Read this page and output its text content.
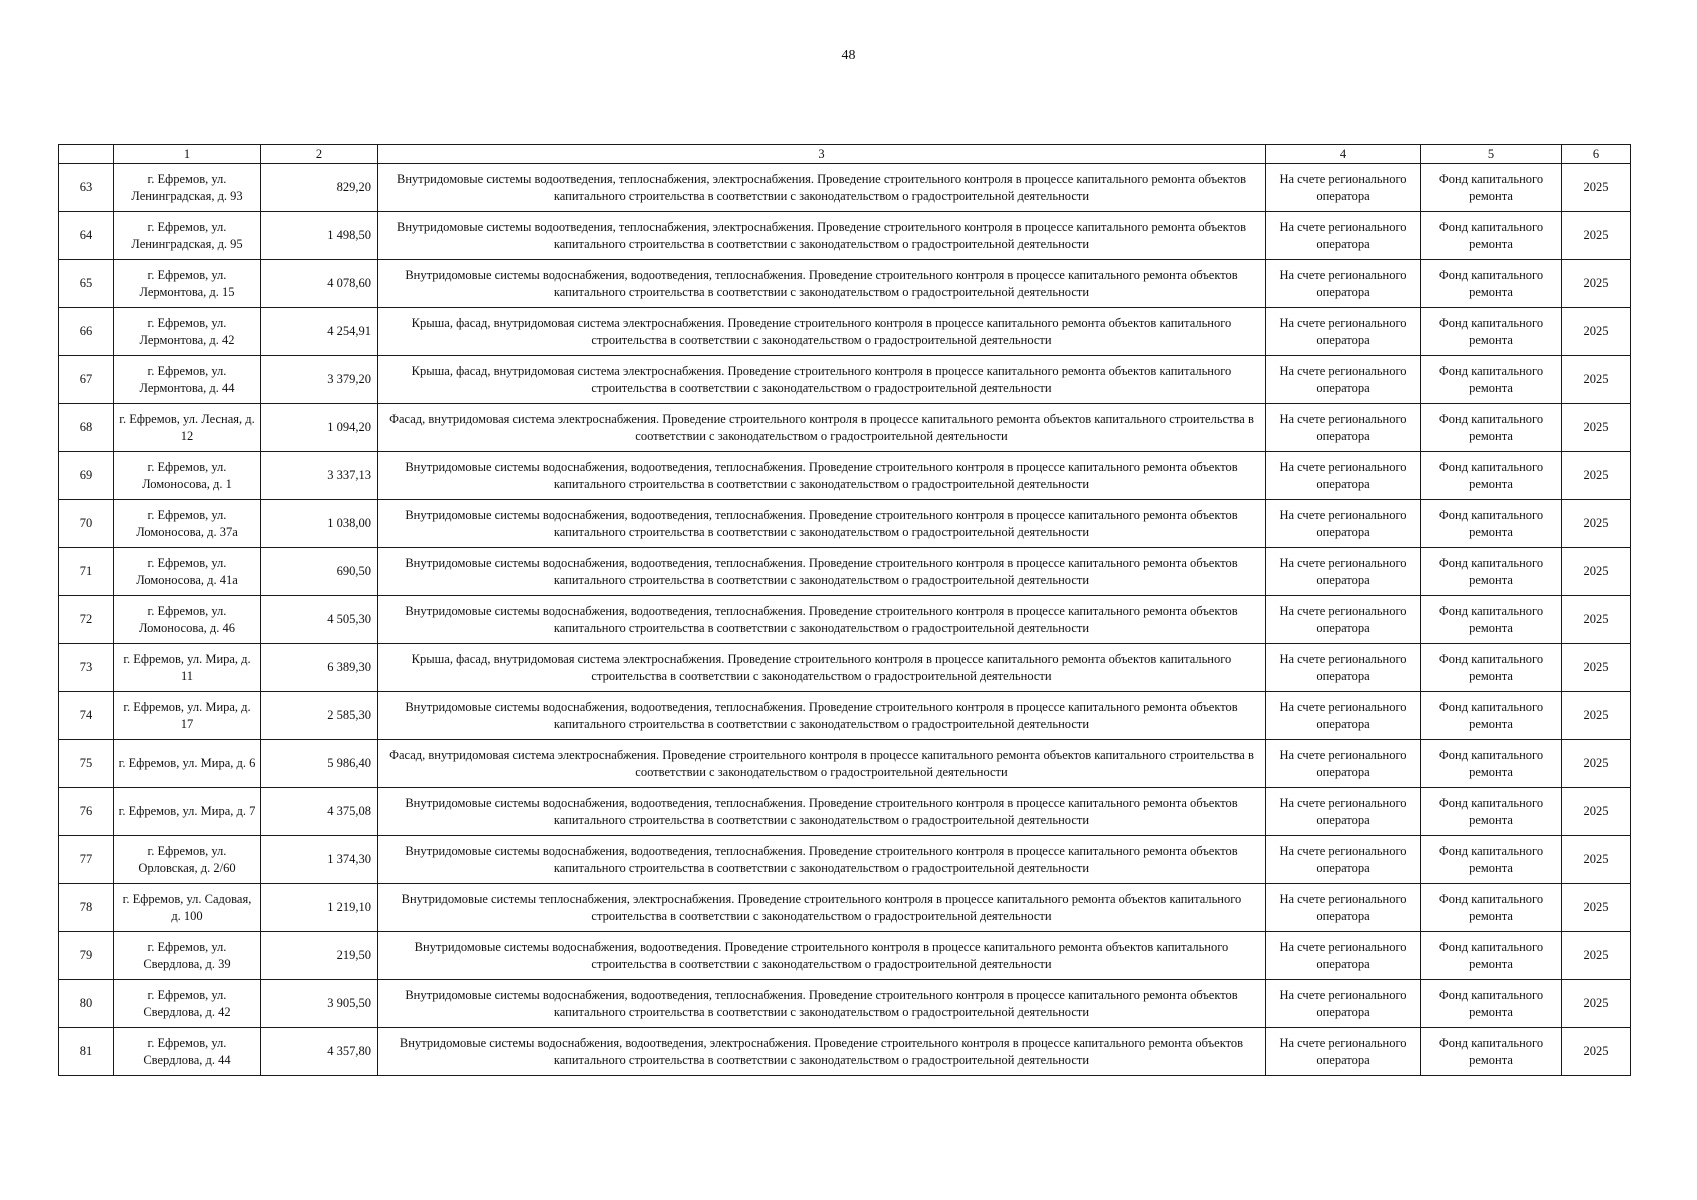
48
	1	2	3	4	5	6
63	г. Ефремов, ул. Ленинградская, д. 93	829,20	Внутридомовые системы водоотведения, теплоснабжения, электроснабжения. Проведение строительного контроля в процессе капитального ремонта объектов капитального строительства в соответствии с законодательством о градостроительной деятельности	На счете регионального оператора	Фонд капитального ремонта	2025
64	г. Ефремов, ул. Ленинградская, д. 95	1 498,50	Внутридомовые системы водоотведения, теплоснабжения, электроснабжения. Проведение строительного контроля в процессе капитального ремонта объектов капитального строительства в соответствии с законодательством о градостроительной деятельности	На счете регионального оператора	Фонд капитального ремонта	2025
65	г. Ефремов, ул. Лермонтова, д. 15	4 078,60	Внутридомовые системы водоснабжения, водоотведения, теплоснабжения. Проведение строительного контроля в процессе капитального ремонта объектов капитального строительства в соответствии с законодательством о градостроительной деятельности	На счете регионального оператора	Фонд капитального ремонта	2025
66	г. Ефремов, ул. Лермонтова, д. 42	4 254,91	Крыша, фасад, внутридомовая система электроснабжения. Проведение строительного контроля в процессе капитального ремонта объектов капитального строительства в соответствии с законодательством о градостроительной деятельности	На счете регионального оператора	Фонд капитального ремонта	2025
67	г. Ефремов, ул. Лермонтова, д. 44	3 379,20	Крыша, фасад, внутридомовая система электроснабжения. Проведение строительного контроля в процессе капитального ремонта объектов капитального строительства в соответствии с законодательством о градостроительной деятельности	На счете регионального оператора	Фонд капитального ремонта	2025
68	г. Ефремов, ул. Лесная, д. 12	1 094,20	Фасад, внутридомовая система электроснабжения. Проведение строительного контроля в процессе капитального ремонта объектов капитального строительства в соответствии с законодательством о градостроительной деятельности	На счете регионального оператора	Фонд капитального ремонта	2025
69	г. Ефремов, ул. Ломоносова, д. 1	3 337,13	Внутридомовые системы водоснабжения, водоотведения, теплоснабжения. Проведение строительного контроля в процессе капитального ремонта объектов капитального строительства в соответствии с законодательством о градостроительной деятельности	На счете регионального оператора	Фонд капитального ремонта	2025
70	г. Ефремов, ул. Ломоносова, д. 37а	1 038,00	Внутридомовые системы водоснабжения, водоотведения, теплоснабжения. Проведение строительного контроля в процессе капитального ремонта объектов капитального строительства в соответствии с законодательством о градостроительной деятельности	На счете регионального оператора	Фонд капитального ремонта	2025
71	г. Ефремов, ул. Ломоносова, д. 41а	690,50	Внутридомовые системы водоснабжения, водоотведения, теплоснабжения. Проведение строительного контроля в процессе капитального ремонта объектов капитального строительства в соответствии с законодательством о градостроительной деятельности	На счете регионального оператора	Фонд капитального ремонта	2025
72	г. Ефремов, ул. Ломоносова, д. 46	4 505,30	Внутридомовые системы водоснабжения, водоотведения, теплоснабжения. Проведение строительного контроля в процессе капитального ремонта объектов капитального строительства в соответствии с законодательством о градостроительной деятельности	На счете регионального оператора	Фонд капитального ремонта	2025
73	г. Ефремов, ул. Мира, д. 11	6 389,30	Крыша, фасад, внутридомовая система электроснабжения. Проведение строительного контроля в процессе капитального ремонта объектов капитального строительства в соответствии с законодательством о градостроительной деятельности	На счете регионального оператора	Фонд капитального ремонта	2025
74	г. Ефремов, ул. Мира, д. 17	2 585,30	Внутридомовые системы водоснабжения, водоотведения, теплоснабжения. Проведение строительного контроля в процессе капитального ремонта объектов капитального строительства в соответствии с законодательством о градостроительной деятельности	На счете регионального оператора	Фонд капитального ремонта	2025
75	г. Ефремов, ул. Мира, д. 6	5 986,40	Фасад, внутридомовая система электроснабжения. Проведение строительного контроля в процессе капитального ремонта объектов капитального строительства в соответствии с законодательством о градостроительной деятельности	На счете регионального оператора	Фонд капитального ремонта	2025
76	г. Ефремов, ул. Мира, д. 7	4 375,08	Внутридомовые системы водоснабжения, водоотведения, теплоснабжения. Проведение строительного контроля в процессе капитального ремонта объектов капитального строительства в соответствии с законодательством о градостроительной деятельности	На счете регионального оператора	Фонд капитального ремонта	2025
77	г. Ефремов, ул. Орловская, д. 2/60	1 374,30	Внутридомовые системы водоснабжения, водоотведения, теплоснабжения. Проведение строительного контроля в процессе капитального ремонта объектов капитального строительства в соответствии с законодательством о градостроительной деятельности	На счете регионального оператора	Фонд капитального ремонта	2025
78	г. Ефремов, ул. Садовая, д. 100	1 219,10	Внутридомовые системы теплоснабжения, электроснабжения. Проведение строительного контроля в процессе капитального ремонта объектов капитального строительства в соответствии с законодательством о градостроительной деятельности	На счете регионального оператора	Фонд капитального ремонта	2025
79	г. Ефремов, ул. Свердлова, д. 39	219,50	Внутридомовые системы водоснабжения, водоотведения. Проведение строительного контроля в процессе капитального ремонта объектов капитального строительства в соответствии с законодательством о градостроительной деятельности	На счете регионального оператора	Фонд капитального ремонта	2025
80	г. Ефремов, ул. Свердлова, д. 42	3 905,50	Внутридомовые системы водоснабжения, водоотведения, теплоснабжения. Проведение строительного контроля в процессе капитального ремонта объектов капитального строительства в соответствии с законодательством о градостроительной деятельности	На счете регионального оператора	Фонд капитального ремонта	2025
81	г. Ефремов, ул. Свердлова, д. 44	4 357,80	Внутридомовые системы водоснабжения, водоотведения, электроснабжения. Проведение строительного контроля в процессе капитального ремонта объектов капитального строительства в соответствии с законодательством о градостроительной деятельности	На счете регионального оператора	Фонд капитального ремонта	2025
